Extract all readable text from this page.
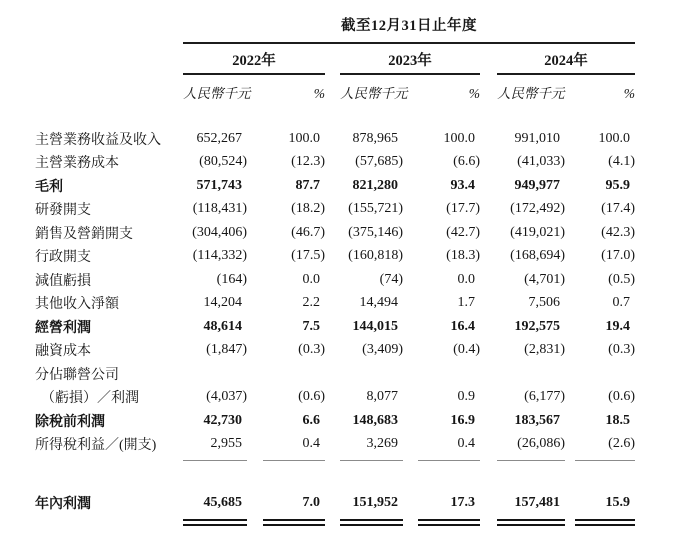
截至12月31日止年度
2022年	2023年	2024年
人民幣千元	% 人民幣千元	% 人民幣千元	%
主營業務收益及收入	652,267	100.0	878,965	100.0	991,010	100.0
主營業務成本	(80,524)	(12.3)	(57,685)	(6.6)	(41,033)	(4.1)
毛利	571,743	87.7	821,280	93.4	949,977	95.9
研發開支	(118,431)	(18.2)	(155,721)	(17.7)	(172,492)	(17.4)
銷售及營銷開支	(304,406)	(46.7)	(375,146)	(42.7)	(419,021)	(42.3)
行政開支	(114,332)	(17.5)	(160,818)	(18.3)	(168,694)	(17.0)
減值虧損	(164)	0.0	(74)	0.0	(4,701)	(0.5)
其他收入淨額	14,204	2.2	14,494	1.7	7,506	0.7
經營利潤	48,614	7.5	144,015	16.4	192,575	19.4
融資成本	(1,847)	(0.3)	(3,409)	(0.4)	(2,831)	(0.3)
分佔聯營公司
（虧損）／利潤	(4,037)	(0.6)	8,077	0.9	(6,177)	(0.6)
除稅前利潤	42,730	6.6	148,683	16.9	183,567	18.5
所得稅利益／(開支)	2,955	0.4	3,269	0.4	(26,086)	(2.6)
年內利潤	45,685	7.0	151,952	17.3	157,481	15.9
